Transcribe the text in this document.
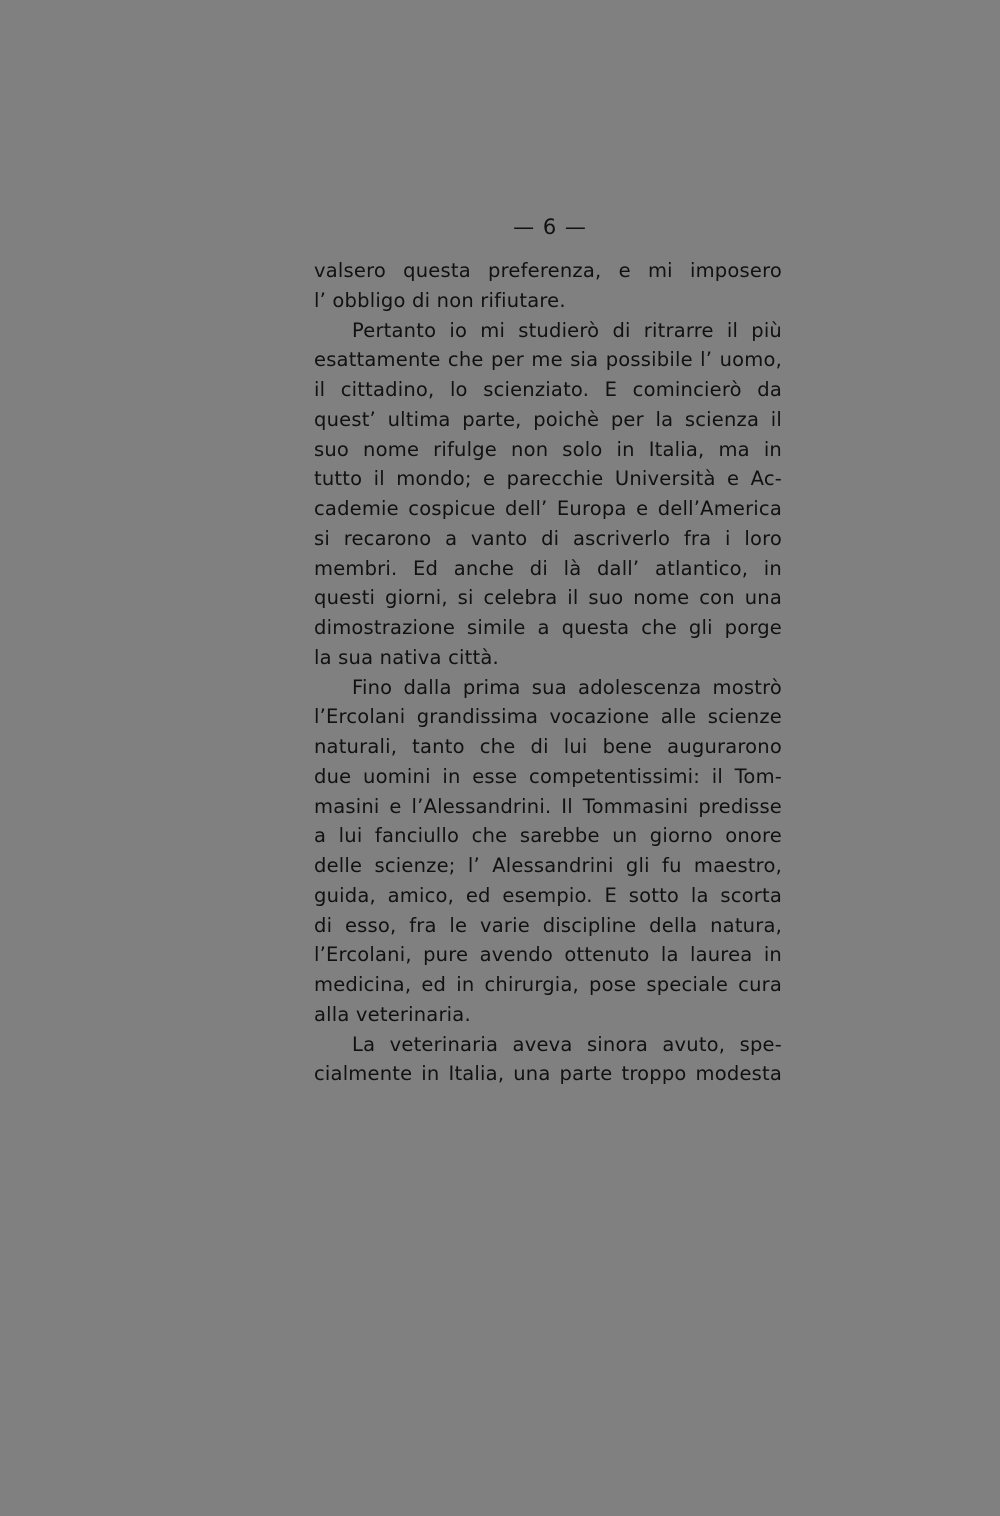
— 6 —
valsero questa preferenza, e mi imposero
l’ obbligo di non rifiutare.
Pertanto io mi studierò di ritrarre il più
esattamente che per me sia possibile l’ uomo,
il cittadino, lo scienziato. E comincierò da
quest’ ultima parte, poichè per la scienza il
suo nome rifulge non solo in Italia, ma in
tutto il mondo; e parecchie Università e Ac-
cademie cospicue dell’ Europa e dell’America
si recarono a vanto di ascriverlo fra i loro
membri. Ed anche di là dall’ atlantico, in
questi giorni, si celebra il suo nome con una
dimostrazione simile a questa che gli porge
la sua nativa città.
Fino dalla prima sua adolescenza mostrò
l’Ercolani grandissima vocazione alle scienze
naturali, tanto che di lui bene augurarono
due uomini in esse competentissimi: il Tom-
masini e l’Alessandrini. Il Tommasini predisse
a lui fanciullo che sarebbe un giorno onore
delle scienze; l’ Alessandrini gli fu maestro,
guida, amico, ed esempio. E sotto la scorta
di esso, fra le varie discipline della natura,
l’Ercolani, pure avendo ottenuto la laurea in
medicina, ed in chirurgia, pose speciale cura
alla veterinaria.
La veterinaria aveva sinora avuto, spe-
cialmente in Italia, una parte troppo modesta
